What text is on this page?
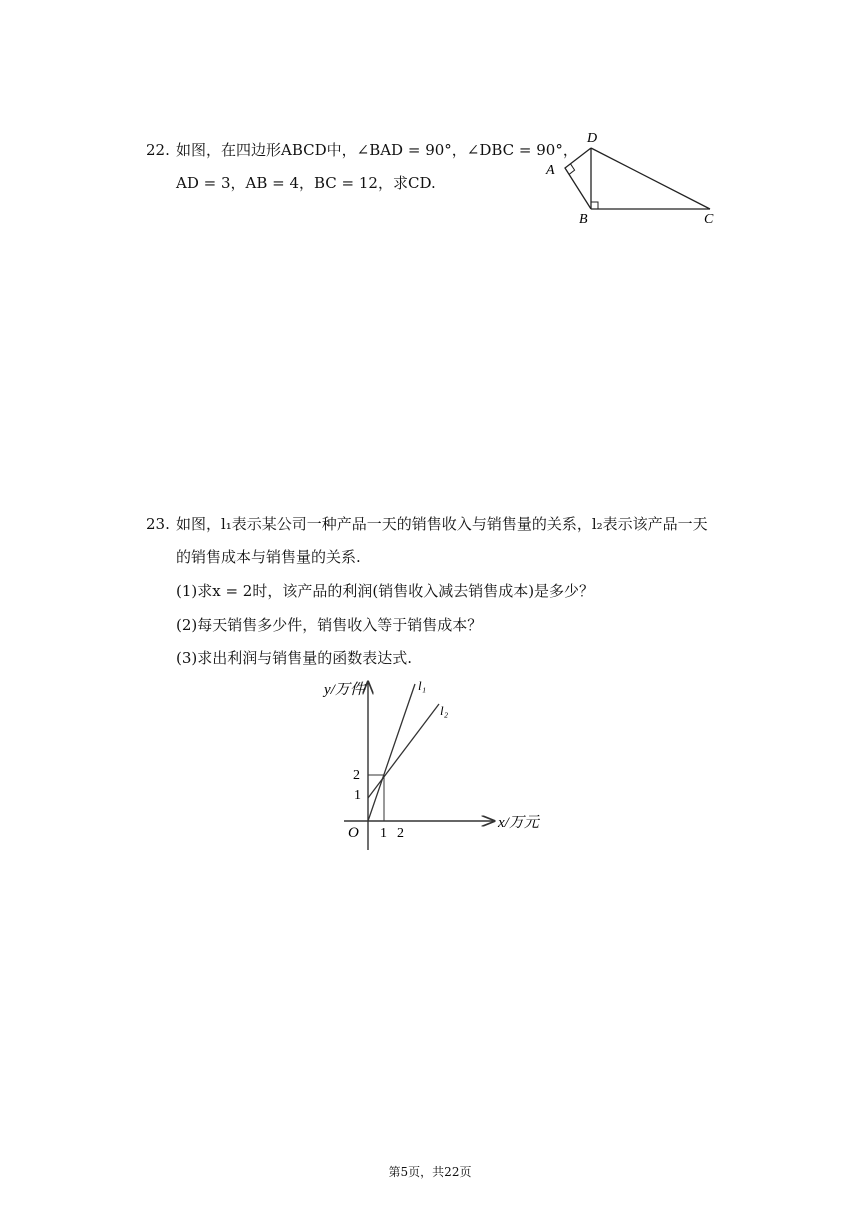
22. 如图，在四边形ABCD中，∠BAD = 90°，∠DBC = 90°，
AD = 3，AB = 4，BC = 12，求CD.
D
A
B	C
23. 如图，l₁表示某公司一种产品一天的销售收入与销售量的关系，l₂表示该产品一天
的销售成本与销售量的关系.
(1)求x = 2时，该产品的利润(销售收入减去销售成本)是多少？
(2)每天销售多少件，销售收入等于销售成本？
(3)求出利润与销售量的函数表达式.
y/万件
x/万元
O 1 2
1
2
l₁
l₂
第5页，共22页
